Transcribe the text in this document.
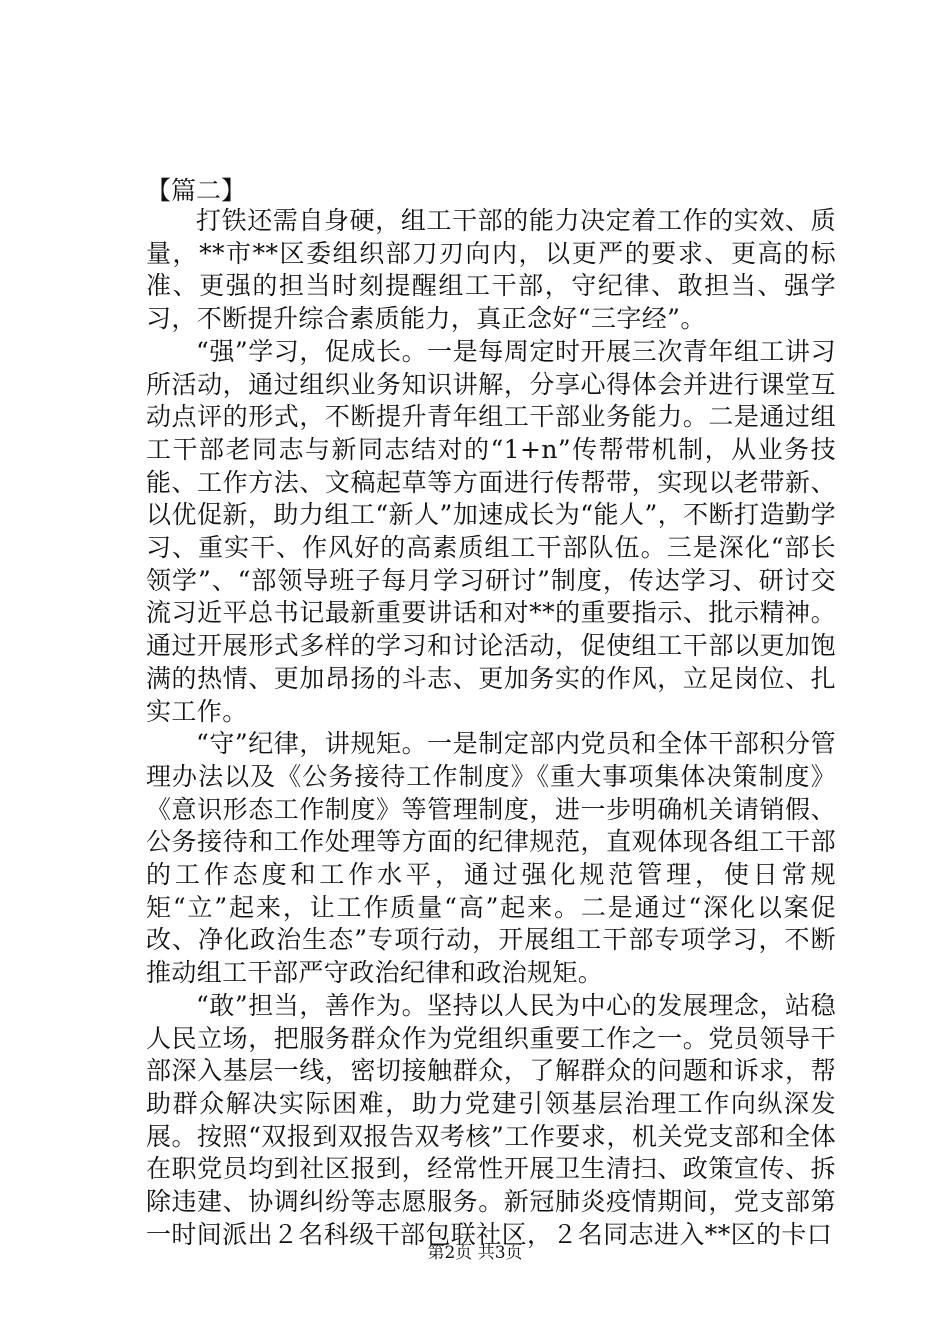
【篇二】

打铁还需自身硬，组工干部的能力决定着工作的实效、质量，**市**区委组织部刀刃向内，以更严的要求、更高的标准、更强的担当时刻提醒组工干部，守纪律、敢担当、强学习，不断提升综合素质能力，真正念好“三字经”。

“强”学习，促成长。一是每周定时开展三次青年组工讲习所活动，通过组织业务知识讲解，分享心得体会并进行课堂互动点评的形式，不断提升青年组工干部业务能力。二是通过组工干部老同志与新同志结对的“1+n”传帮带机制，从业务技能、工作方法、文稿起草等方面进行传帮带，实现以老带新、以优促新，助力组工“新人”加速成长为“能人”，不断打造勤学习、重实干、作风好的高素质组工干部队伍。三是深化“部长领学”、“部领导班子每月学习研讨”制度，传达学习、研讨交流习近平总书记最新重要讲话和对**的重要指示、批示精神。通过开展形式多样的学习和讨论活动，促使组工干部以更加饱满的热情、更加昂扬的斗志、更加务实的作风，立足岗位、扎实工作。

“守”纪律，讲规矩。一是制定部内党员和全体干部积分管理办法以及《公务接待工作制度》《重大事项集体决策制度》《意识形态工作制度》等管理制度，进一步明确机关请销假、公务接待和工作处理等方面的纪律规范，直观体现各组工干部的工作态度和工作水平，通过强化规范管理，使日常规矩“立”起来，让工作质量“高”起来。二是通过“深化以案促改、净化政治生态”专项行动，开展组工干部专项学习，不断推动组工干部严守政治纪律和政治规矩。

“敢”担当，善作为。坚持以人民为中心的发展理念，站稳人民立场，把服务群众作为党组织重要工作之一。党员领导干部深入基层一线，密切接触群众，了解群众的问题和诉求，帮助群众解决实际困难，助力党建引领基层治理工作向纵深发展。按照“双报到双报告双考核”工作要求，机关党支部和全体在职党员均到社区报到，经常性开展卫生清扫、政策宣传、拆除违建、协调纠纷等志愿服务。新冠肺炎疫情期间，党支部第一时间派出２名科级干部包联社区，２名同志进入**区的卡口

第2页 共3页
